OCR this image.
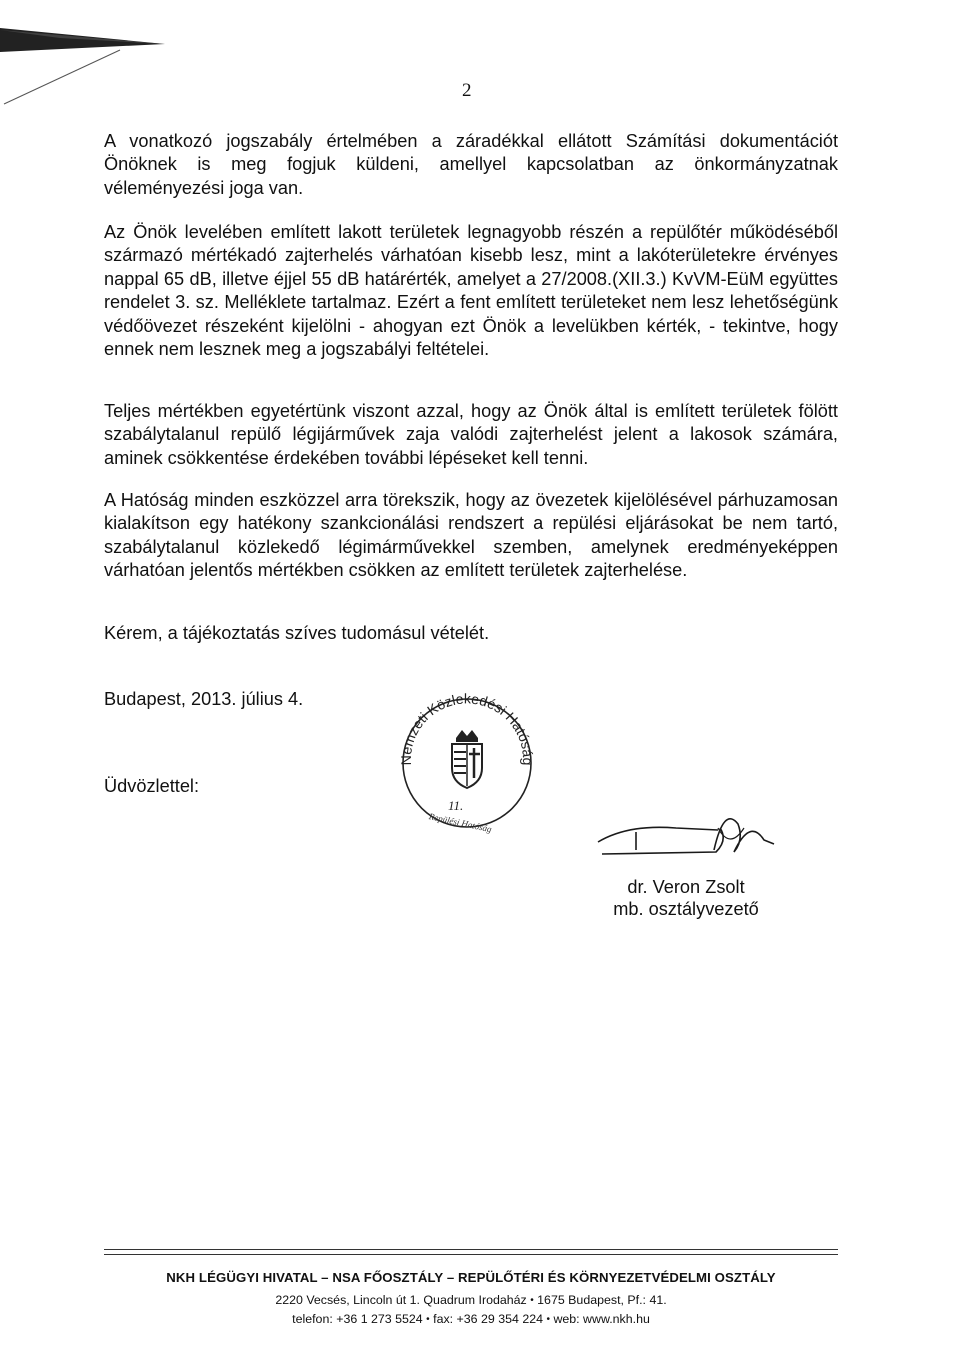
2

A vonatkozó jogszabály értelmében a záradékkal ellátott Számítási dokumentációt Önöknek is meg fogjuk küldeni, amellyel kapcsolatban az önkormányzatnak véleményezési joga van.

Az Önök levelében említett lakott területek legnagyobb részén a repülőtér működéséből származó mértékadó zajterhelés várhatóan kisebb lesz, mint a lakóterületekre érvényes nappal 65 dB, illetve éjjel 55 dB határérték, amelyet a 27/2008.(XII.3.) KvVM-EüM együttes rendelet 3. sz. Melléklete tartalmaz. Ezért a fent említett területeket nem lesz lehetőségünk védőövezet részeként kijelölni - ahogyan ezt Önök a levelükben kérték, - tekintve, hogy ennek nem lesznek meg a jogszabályi feltételei.

Teljes mértékben egyetértünk viszont azzal, hogy az Önök által is említett területek fölött szabálytalanul repülő légijárművek zaja valódi zajterhelést jelent a lakosok számára, aminek csökkentése érdekében további lépéseket kell tenni.

A Hatóság minden eszközzel arra törekszik, hogy az övezetek kijelölésével párhuzamosan kialakítson egy hatékony szankcionálási rendszert a repülési eljárásokat be nem tartó, szabálytalanul közlekedő légimárművekkel szemben, amelynek eredményeképpen várhatóan jelentős mértékben csökken az említett területek zajterhelése.

Kérem, a tájékoztatás szíves tudomásul vételét.

Budapest, 2013. július 4.
Üdvözlettel:
Nemzeti Közlekedési Hatóság
11.
Repülési Hatóság
dr. Veron Zsolt
mb. osztályvezető
NKH LÉGÜGYI HIVATAL – NSA FŐOSZTÁLY – REPÜLŐTÉRI ÉS KÖRNYEZETVÉDELMI OSZTÁLY
2220 Vecsés, Lincoln út 1. Quadrum Irodaház • 1675 Budapest, Pf.: 41.
telefon: +36 1 273 5524 • fax: +36 29 354 224 • web: www.nkh.hu
